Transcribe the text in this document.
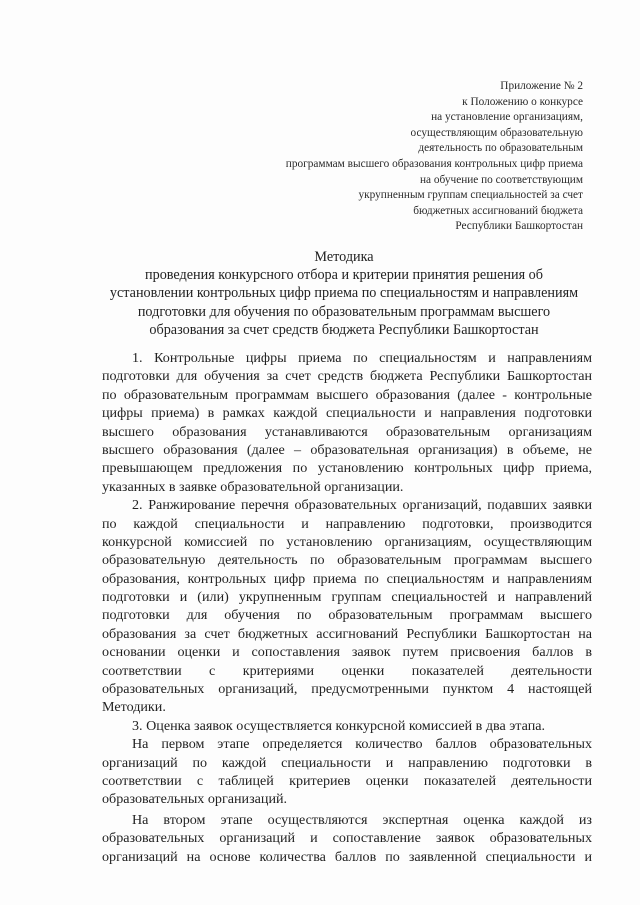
Приложение № 2
к Положению о конкурсе
на установление организациям,
осуществляющим образовательную
деятельность по образовательным
программам высшего образования контрольных цифр приема
на обучение по соответствующим
укрупненным группам специальностей за счет
бюджетных ассигнований бюджета
Республики Башкортостан
Методика
проведения конкурсного отбора и критерии принятия решения об
установлении контрольных цифр приема по специальностям и направлениям
подготовки для обучения по образовательным программам высшего
образования за счет средств бюджета Республики Башкортостан
1. Контрольные цифры приема по специальностям и направлениям
подготовки для обучения за счет средств бюджета Республики Башкортостан
по образовательным программам высшего образования (далее - контрольные
цифры приема) в рамках каждой специальности и направления подготовки
высшего образования устанавливаются образовательным организациям
высшего образования (далее – образовательная организация) в объеме, не
превышающем предложения по установлению контрольных цифр приема,
указанных в заявке образовательной организации.
2. Ранжирование перечня образовательных организаций, подавших заявки
по каждой специальности и направлению подготовки, производится
конкурсной комиссией по установлению организациям, осуществляющим
образовательную деятельность по образовательным программам высшего
образования, контрольных цифр приема по специальностям и направлениям
подготовки и (или) укрупненным группам специальностей и направлений
подготовки для обучения по образовательным программам высшего
образования за счет бюджетных ассигнований Республики Башкортостан на
основании оценки и сопоставления заявок путем присвоения баллов в
соответствии с критериями оценки показателей деятельности
образовательных организаций, предусмотренными пунктом 4 настоящей
Методики.
3. Оценка заявок осуществляется конкурсной комиссией в два этапа.
На первом этапе определяется количество баллов образовательных
организаций по каждой специальности и направлению подготовки в
соответствии с таблицей критериев оценки показателей деятельности
образовательных организаций.
На втором этапе осуществляются экспертная оценка каждой из
образовательных организаций и сопоставление заявок образовательных
организаций на основе количества баллов по заявленной специальности и
